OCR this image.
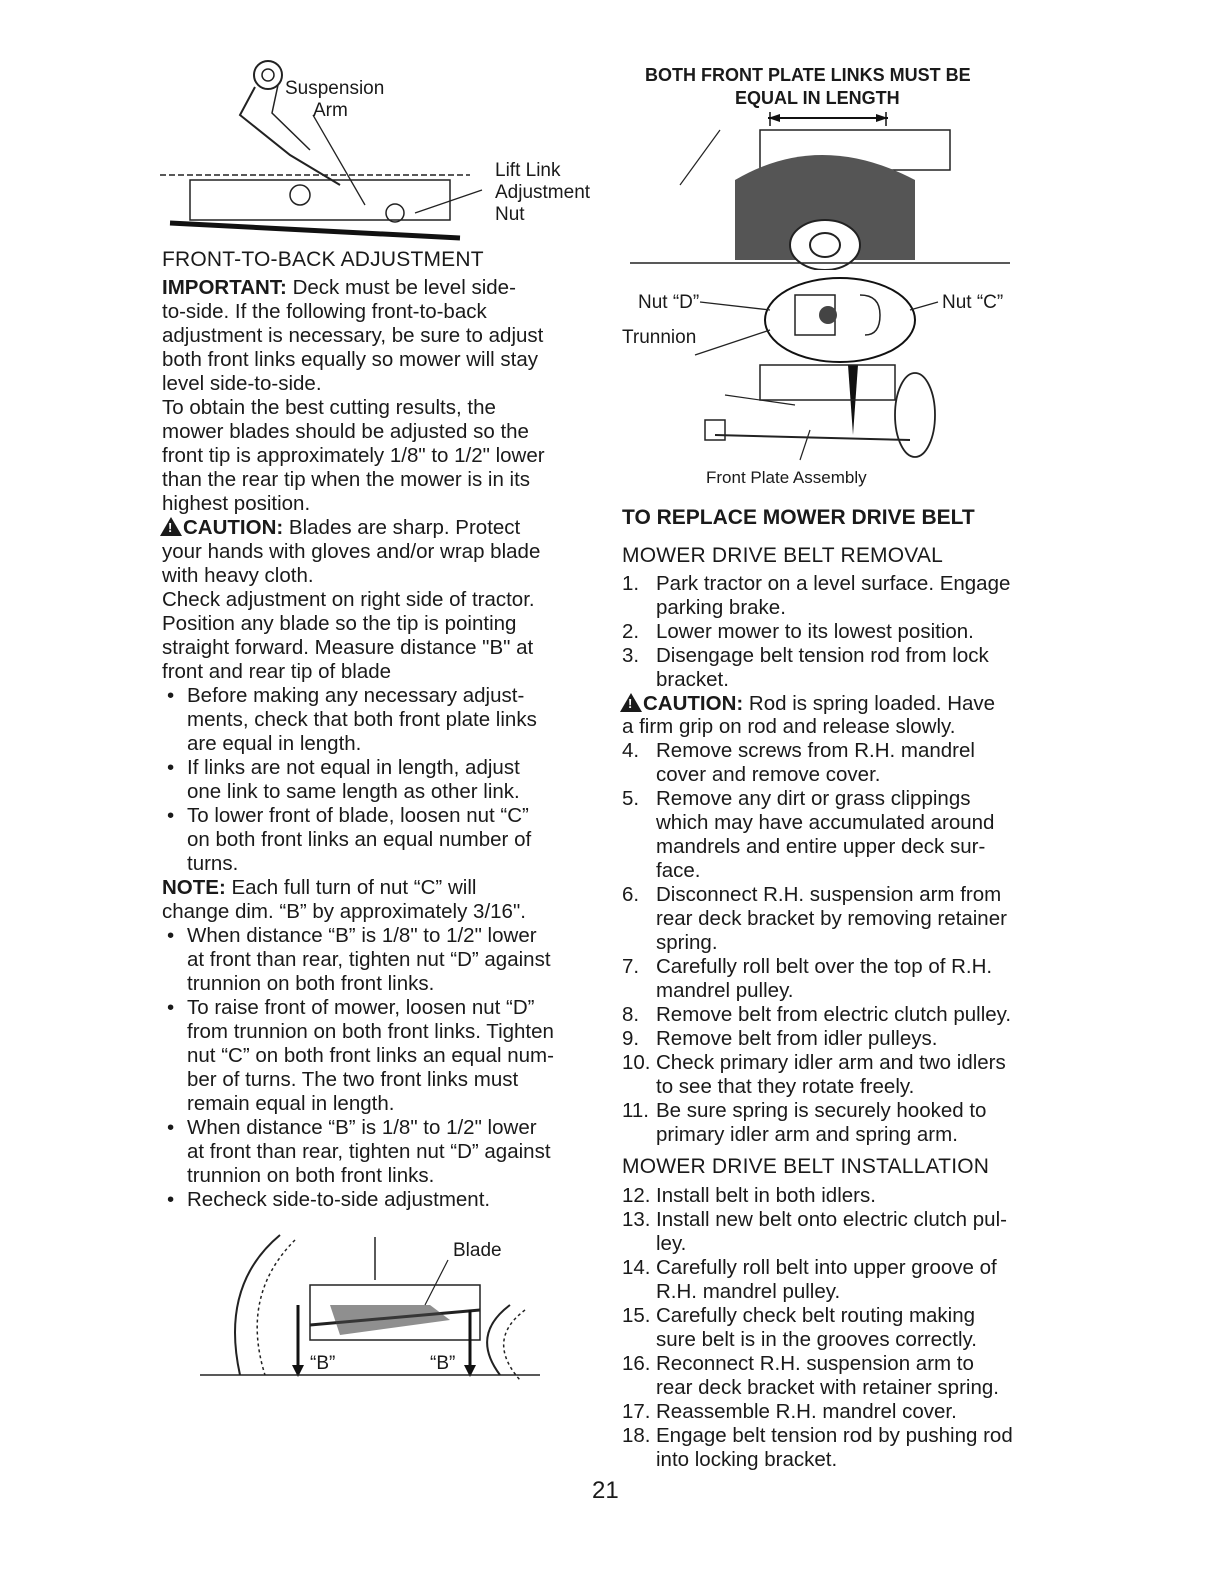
Suspension
Arm
Lift Link
Adjustment
Nut
FRONT-TO-BACK ADJUSTMENT
IMPORTANT: Deck must be level side-
to-side. If the following front-to-back
adjustment is necessary, be sure to adjust
both front links equally so mower will stay
level side-to-side.
To obtain the best cutting results, the
mower blades should be adjusted so the
front tip is approximately 1/8" to 1/2" lower
than the rear tip when the mower is in its
highest position.
!CAUTION: Blades are sharp. Protect
your hands with gloves and/or wrap blade
with heavy cloth.
Check adjustment on right side of tractor.
Position any blade so the tip is pointing
straight forward. Measure distance "B" at
front and rear tip of blade
• Before making any necessary adjust-
ments, check that both front plate links
are equal in length.
• If links are not equal in length, adjust
one link to same length as other link.
• To lower front of blade, loosen nut “C”
on both front links an equal number of
turns.
NOTE: Each full turn of nut “C” will
change dim. “B” by approximately 3/16".
• When distance “B” is 1/8" to 1/2" lower
at front than rear, tighten nut “D” against
trunnion on both front links.
• To raise front of mower, loosen nut “D”
from trunnion on both front links. Tighten
nut “C” on both front links an equal num-
ber of turns. The two front links must
remain equal in length.
• When distance “B” is 1/8" to 1/2" lower
at front than rear, tighten nut “D” against
trunnion on both front links.
• Recheck side-to-side adjustment.
Blade
“B”	“B”
BOTH FRONT PLATE LINKS MUST BE
EQUAL IN LENGTH
Nut “D”	Nut “C”
Trunnion
Front Plate Assembly
TO REPLACE MOWER DRIVE BELT
MOWER DRIVE BELT REMOVAL
1. Park tractor on a level surface. Engage
parking brake.
2. Lower mower to its lowest position.
3. Disengage belt tension rod from lock
bracket.
!CAUTION: Rod is spring loaded. Have
a firm grip on rod and release slowly.
4. Remove screws from R.H. mandrel
cover and remove cover.
5. Remove any dirt or grass clippings
which may have accumulated around
mandrels and entire upper deck sur-
face.
6. Disconnect R.H. suspension arm from
rear deck bracket by removing retainer
spring.
7. Carefully roll belt over the top of R.H.
mandrel pulley.
8. Remove belt from electric clutch pulley.
9. Remove belt from idler pulleys.
10. Check primary idler arm and two idlers
to see that they rotate freely.
11. Be sure spring is securely hooked to
primary idler arm and spring arm.
MOWER DRIVE BELT INSTALLATION
12. Install belt in both idlers.
13. Install new belt onto electric clutch pul-
ley.
14. Carefully roll belt into upper groove of
R.H. mandrel pulley.
15. Carefully check belt routing making
sure belt is in the grooves correctly.
16. Reconnect R.H. suspension arm to
rear deck bracket with retainer spring.
17. Reassemble R.H. mandrel cover.
18. Engage belt tension rod by pushing rod
into locking bracket.
21
